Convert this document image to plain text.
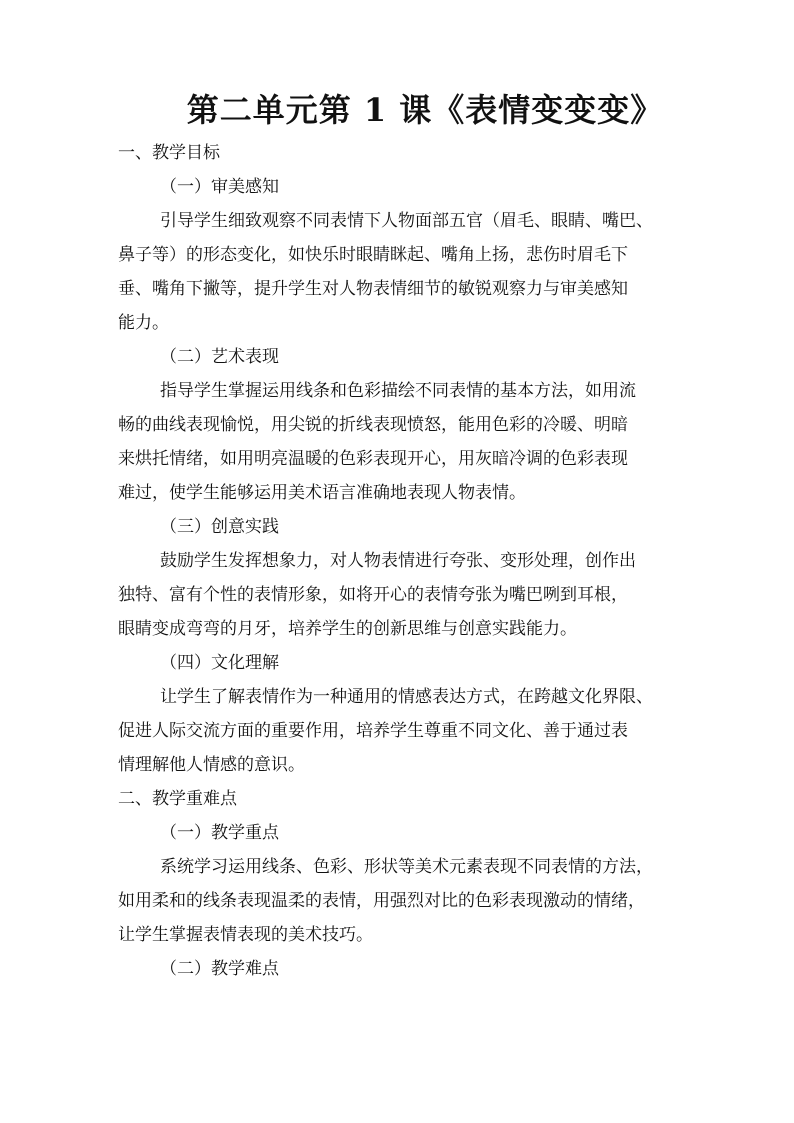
第二单元第 1 课《表情变变变》

一、教学目标

（一）审美感知

引导学生细致观察不同表情下人物面部五官（眉毛、眼睛、嘴巴、

鼻子等）的形态变化，如快乐时眼睛眯起、嘴角上扬，悲伤时眉毛下

垂、嘴角下撇等，提升学生对人物表情细节的敏锐观察力与审美感知

能力。

（二）艺术表现

指导学生掌握运用线条和色彩描绘不同表情的基本方法，如用流

畅的曲线表现愉悦，用尖锐的折线表现愤怒，能用色彩的冷暖、明暗

来烘托情绪，如用明亮温暖的色彩表现开心，用灰暗冷调的色彩表现

难过，使学生能够运用美术语言准确地表现人物表情。

（三）创意实践

鼓励学生发挥想象力，对人物表情进行夸张、变形处理，创作出

独特、富有个性的表情形象，如将开心的表情夸张为嘴巴咧到耳根，

眼睛变成弯弯的月牙，培养学生的创新思维与创意实践能力。

（四）文化理解

让学生了解表情作为一种通用的情感表达方式，在跨越文化界限、

促进人际交流方面的重要作用，培养学生尊重不同文化、善于通过表

情理解他人情感的意识。

二、教学重难点

（一）教学重点

系统学习运用线条、色彩、形状等美术元素表现不同表情的方法，

如用柔和的线条表现温柔的表情，用强烈对比的色彩表现激动的情绪，

让学生掌握表情表现的美术技巧。

（二）教学难点
